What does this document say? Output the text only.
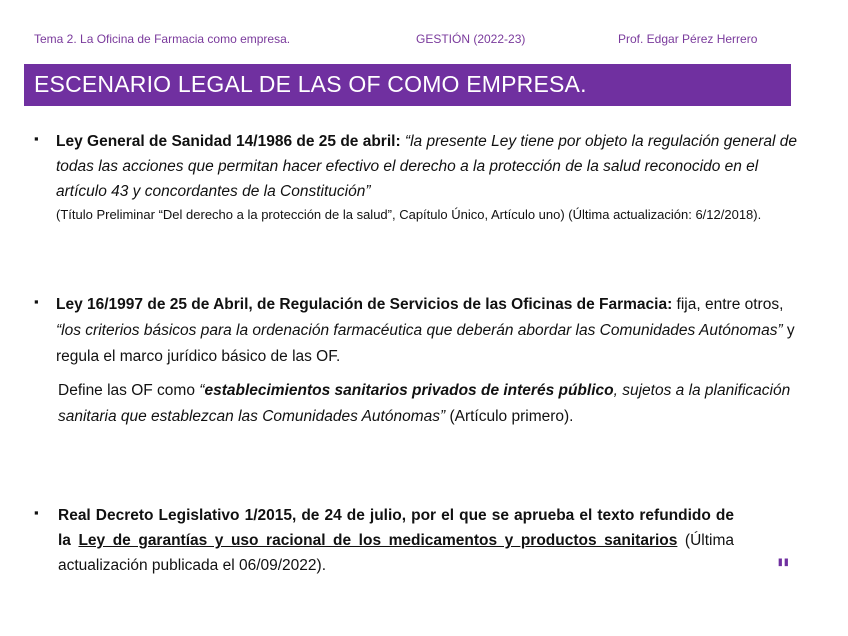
Tema 2. La Oficina de Farmacia como empresa.	GESTIÓN (2022-23)	Prof. Edgar Pérez Herrero
ESCENARIO LEGAL DE LAS OF COMO EMPRESA.
▪ Ley General de Sanidad 14/1986 de 25 de abril: “la presente Ley tiene por objeto la regulación general de todas las acciones que permitan hacer efectivo el derecho a la protección de la salud reconocido en el artículo 43 y concordantes de la Constitución”

(Título Preliminar “Del derecho a la protección de la salud”, Capítulo Único, Artículo uno) (Última actualización: 6/12/2018).

▪ Ley 16/1997 de 25 de Abril, de Regulación de Servicios de las Oficinas de Farmacia: fija, entre otros, “los criterios básicos para la ordenación farmacéutica que deberán abordar las Comunidades Autónomas” y regula el marco jurídico básico de las OF.

Define las OF como “establecimientos sanitarios privados de interés público, sujetos a la planificación sanitaria que establezcan las Comunidades Autónomas” (Artículo primero).

▪ Real Decreto Legislativo 1/2015, de 24 de julio, por el que se aprueba el texto refundido de la Ley de garantías y uso racional de los medicamentos y productos sanitarios (Última actualización publicada el 06/09/2022).	"
